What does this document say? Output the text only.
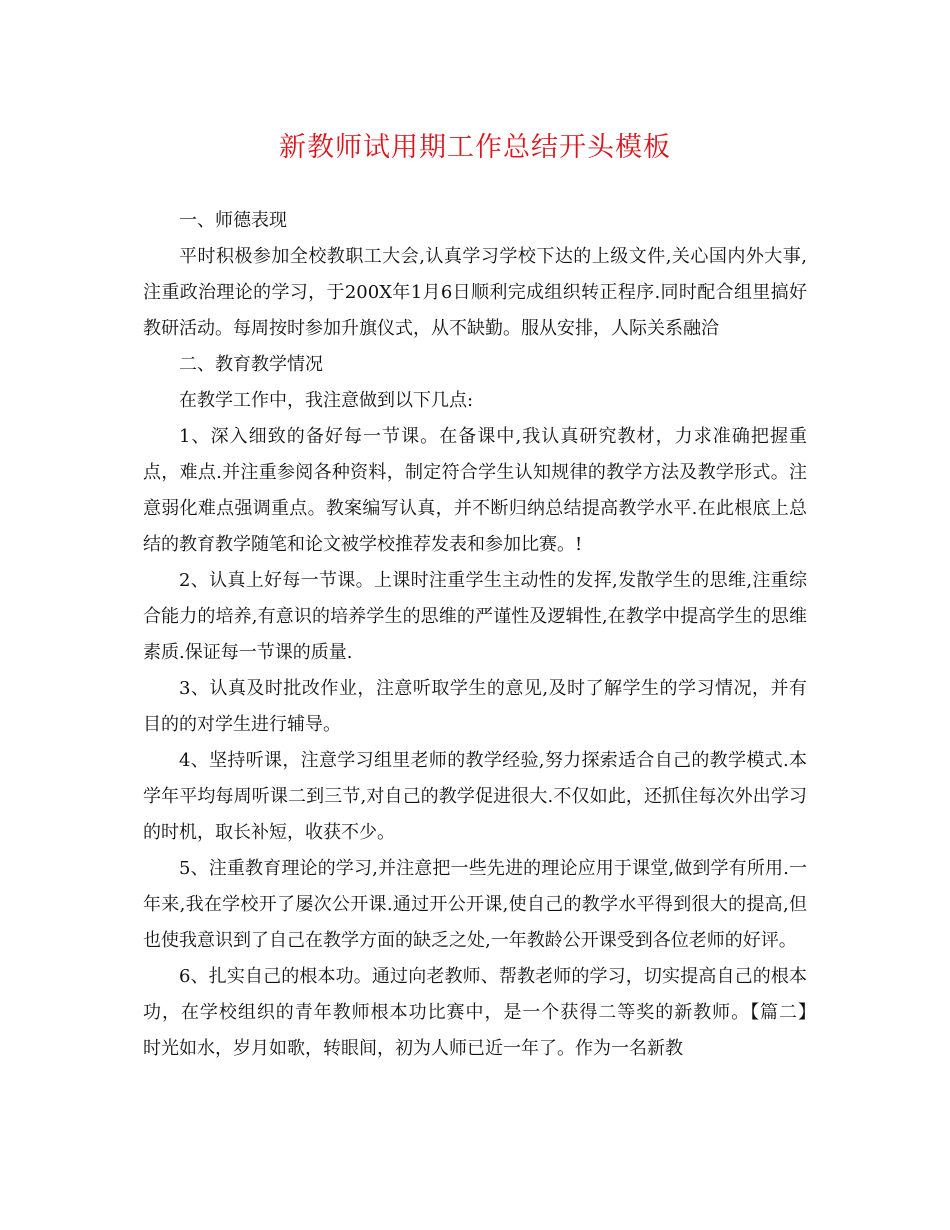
新教师试用期工作总结开头模板

一、师德表现

平时积极参加全校教职工大会,认真学习学校下达的上级文件,关心国内外大事,注重政治理论的学习，于200X年1月6日顺利完成组织转正程序.同时配合组里搞好教研活动。每周按时参加升旗仪式，从不缺勤。服从安排，人际关系融洽

二、教育教学情况

在教学工作中，我注意做到以下几点:

1、深入细致的备好每一节课。在备课中,我认真研究教材，力求准确把握重点，难点.并注重参阅各种资料，制定符合学生认知规律的教学方法及教学形式。注意弱化难点强调重点。教案编写认真，并不断归纳总结提高教学水平.在此根底上总结的教育教学随笔和论文被学校推荐发表和参加比赛。!

2、认真上好每一节课。上课时注重学生主动性的发挥,发散学生的思维,注重综合能力的培养,有意识的培养学生的思维的严谨性及逻辑性,在教学中提高学生的思维素质.保证每一节课的质量.

3、认真及时批改作业，注意听取学生的意见,及时了解学生的学习情况，并有目的的对学生进行辅导。

4、坚持听课，注意学习组里老师的教学经验,努力探索适合自己的教学模式.本学年平均每周听课二到三节,对自己的教学促进很大.不仅如此，还抓住每次外出学习的时机，取长补短，收获不少。

5、注重教育理论的学习,并注意把一些先进的理论应用于课堂,做到学有所用.一年来,我在学校开了屡次公开课.通过开公开课,使自己的教学水平得到很大的提高,但也使我意识到了自己在教学方面的缺乏之处,一年教龄公开课受到各位老师的好评。

6、扎实自己的根本功。通过向老教师、帮教老师的学习，切实提高自己的根本功，在学校组织的青年教师根本功比赛中，是一个获得二等奖的新教师。【篇二】　　时光如水，岁月如歌，转眼间，初为人师已近一年了。作为一名新教
